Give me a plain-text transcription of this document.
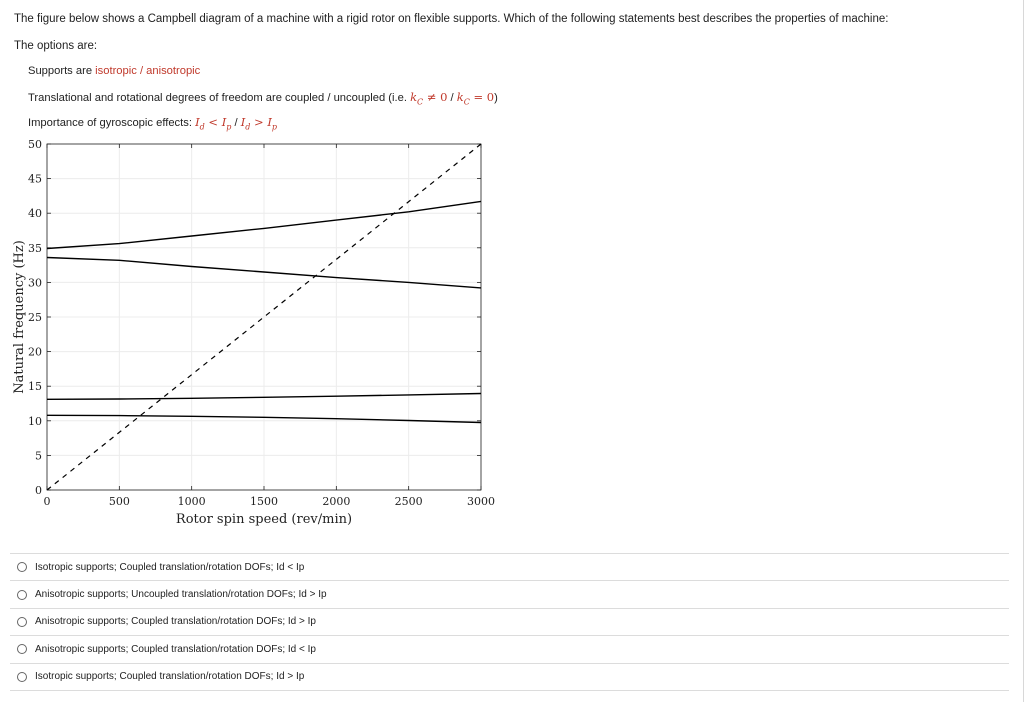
The figure below shows a Campbell diagram of a machine with a rigid rotor on flexible supports. Which of the following statements best describes the properties of machine:
The options are:
Supports are isotropic / anisotropic
Translational and rotational degrees of freedom are coupled / uncoupled (i.e. $k_C \ne 0 / k_C = 0$)
Importance of gyroscopic effects: $I_d < I_p / I_d > I_p$
0	500	1000	1500	2000	2500	3000
0
5
10
15
20
25
30
35
40
45
50
Rotor spin speed (rev/min)
Natural frequency (Hz)
Isotropic supports; Coupled translation/rotation DOFs; Id < Ip
Anisotropic supports; Uncoupled translation/rotation DOFs; Id > Ip
Anisotropic supports; Coupled translation/rotation DOFs; Id > Ip
Anisotropic supports; Coupled translation/rotation DOFs; Id < Ip
Isotropic supports; Coupled translation/rotation DOFs; Id > Ip
